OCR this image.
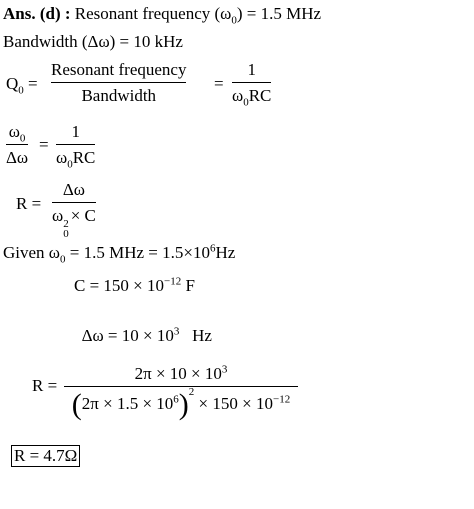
Ans. (d) : Resonant frequency $(\omega_0) = 1.5$ MHz
Bandwidth (Δω) = 10 kHz
$Q_0$ =
Resonant frequency
Bandwidth
=
1
$\omega_0RC$
$\omega_0$
Δω
=
1
$\omega_0RC$
R =
Δω
ω 2
0
× C
Given $\omega_0 = 1.5$ MHz = $1.5\times 10^6Hz$
$C = 150 \times 10^{-12}$ F

$\Delta\omega = 10 \times 10^3$   Hz

R =
$2\pi \times 10 \times 10^3$
$(2\pi \times 1.5 \times 10^6)^2 \times 150 \times 10^{-12}$
R = 4.7Ω
